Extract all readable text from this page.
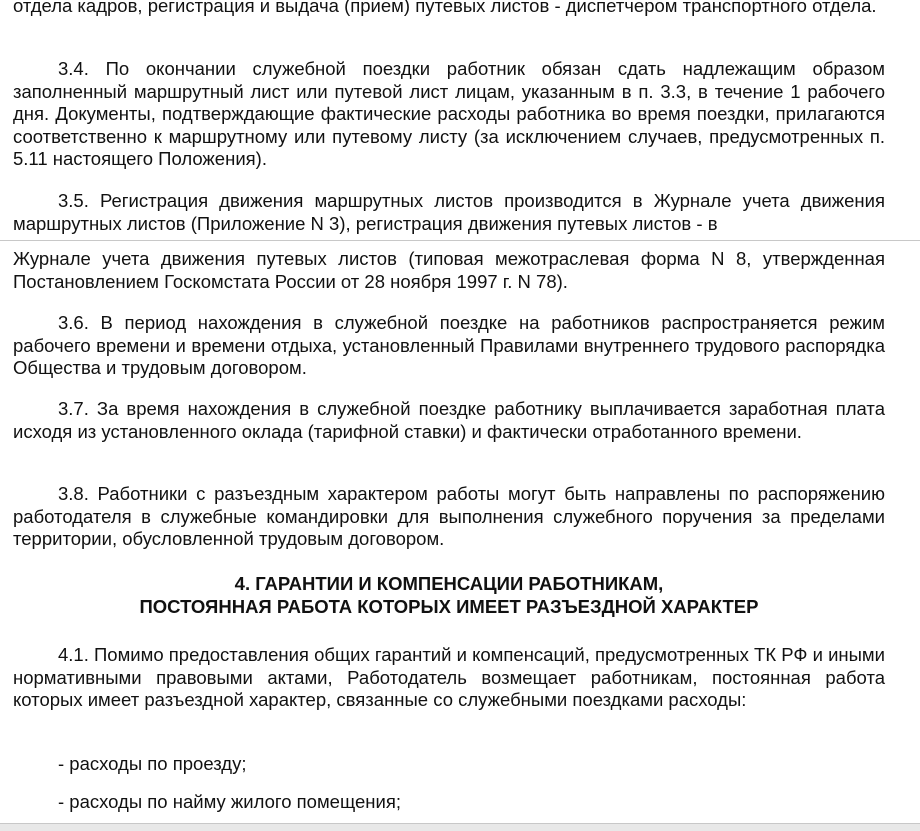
отдела кадров, регистрация и выдача (прием) путевых листов - диспетчером транспортного отдела.

3.4. По окончании служебной поездки работник обязан сдать надлежащим образом заполненный маршрутный лист или путевой лист лицам, указанным в п. 3.3, в течение 1 рабочего дня. Документы, подтверждающие фактические расходы работника во время поездки, прилагаются соответственно к маршрутному или путевому листу (за исключением случаев, предусмотренных п. 5.11 настоящего Положения).

3.5. Регистрация движения маршрутных листов производится в Журнале учета движения маршрутных листов (Приложение N 3), регистрация движения путевых листов - в

Журнале учета движения путевых листов (типовая межотраслевая форма N 8, утвержденная Постановлением Госкомстата России от 28 ноября 1997 г. N 78).

3.6. В период нахождения в служебной поездке на работников распространяется режим рабочего времени и времени отдыха, установленный Правилами внутреннего трудового распорядка Общества и трудовым договором.

3.7. За время нахождения в служебной поездке работнику выплачивается заработная плата исходя из установленного оклада (тарифной ставки) и фактически отработанного времени.

3.8. Работники с разъездным характером работы могут быть направлены по распоряжению работодателя в служебные командировки для выполнения служебного поручения за пределами территории, обусловленной трудовым договором.

4. ГАРАНТИИ И КОМПЕНСАЦИИ РАБОТНИКАМ,
ПОСТОЯННАЯ РАБОТА КОТОРЫХ ИМЕЕТ РАЗЪЕЗДНОЙ ХАРАКТЕР

4.1. Помимо предоставления общих гарантий и компенсаций, предусмотренных ТК РФ и иными нормативными правовыми актами, Работодатель возмещает работникам, постоянная работа которых имеет разъездной характер, связанные со служебными поездками расходы:

- расходы по проезду;

- расходы по найму жилого помещения;
